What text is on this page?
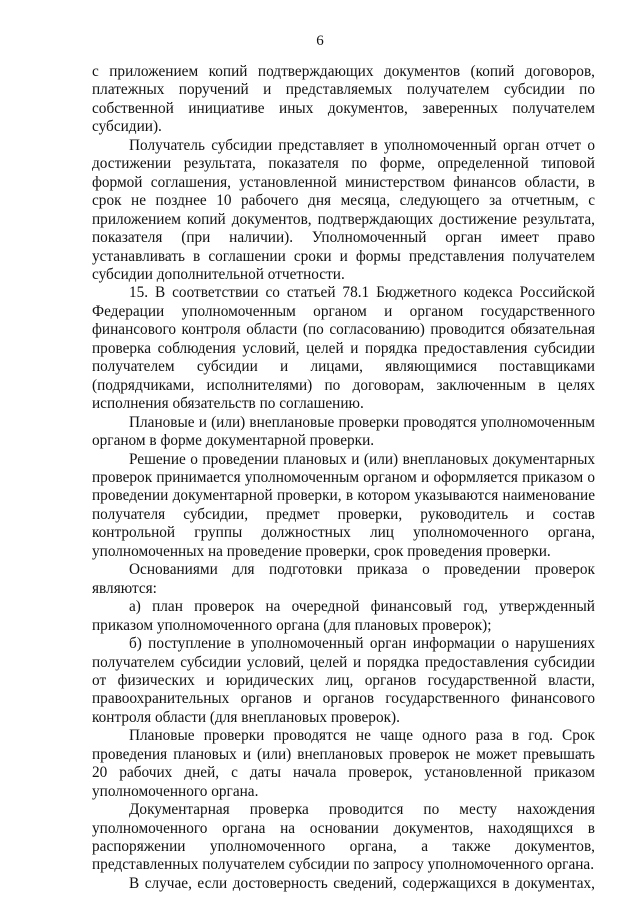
6

с приложением копий подтверждающих документов (копий договоров, платежных поручений и представляемых получателем субсидии по собственной инициативе иных документов, заверенных получателем субсидии).

Получатель субсидии представляет в уполномоченный орган отчет о достижении результата, показателя по форме, определенной типовой формой соглашения, установленной министерством финансов области, в срок не позднее 10 рабочего дня месяца, следующего за отчетным, с приложением копий документов, подтверждающих достижение результата, показателя (при наличии). Уполномоченный орган имеет право устанавливать в соглашении сроки и формы представления получателем субсидии дополнительной отчетности.

15. В соответствии со статьей 78.1 Бюджетного кодекса Российской Федерации уполномоченным органом и органом государственного финансового контроля области (по согласованию) проводится обязательная проверка соблюдения условий, целей и порядка предоставления субсидии получателем субсидии и лицами, являющимися поставщиками (подрядчиками, исполнителями) по договорам, заключенным в целях исполнения обязательств по соглашению.

Плановые и (или) внеплановые проверки проводятся уполномоченным органом в форме документарной проверки.

Решение о проведении плановых и (или) внеплановых документарных проверок принимается уполномоченным органом и оформляется приказом о проведении документарной проверки, в котором указываются наименование получателя субсидии, предмет проверки, руководитель и состав контрольной группы должностных лиц уполномоченного органа, уполномоченных на проведение проверки, срок проведения проверки.

Основаниями для подготовки приказа о проведении проверок являются:

а) план проверок на очередной финансовый год, утвержденный приказом уполномоченного органа (для плановых проверок);

б) поступление в уполномоченный орган информации о нарушениях получателем субсидии условий, целей и порядка предоставления субсидии от физических и юридических лиц, органов государственной власти, правоохранительных органов и органов государственного финансового контроля области (для внеплановых проверок).

Плановые проверки проводятся не чаще одного раза в год. Срок проведения плановых и (или) внеплановых проверок не может превышать 20 рабочих дней, с даты начала проверок, установленной приказом уполномоченного органа.

Документарная проверка проводится по месту нахождения уполномоченного органа на основании документов, находящихся в распоряжении уполномоченного органа, а также документов, представленных получателем субсидии по запросу уполномоченного органа.

В случае, если достоверность сведений, содержащихся в документах,
